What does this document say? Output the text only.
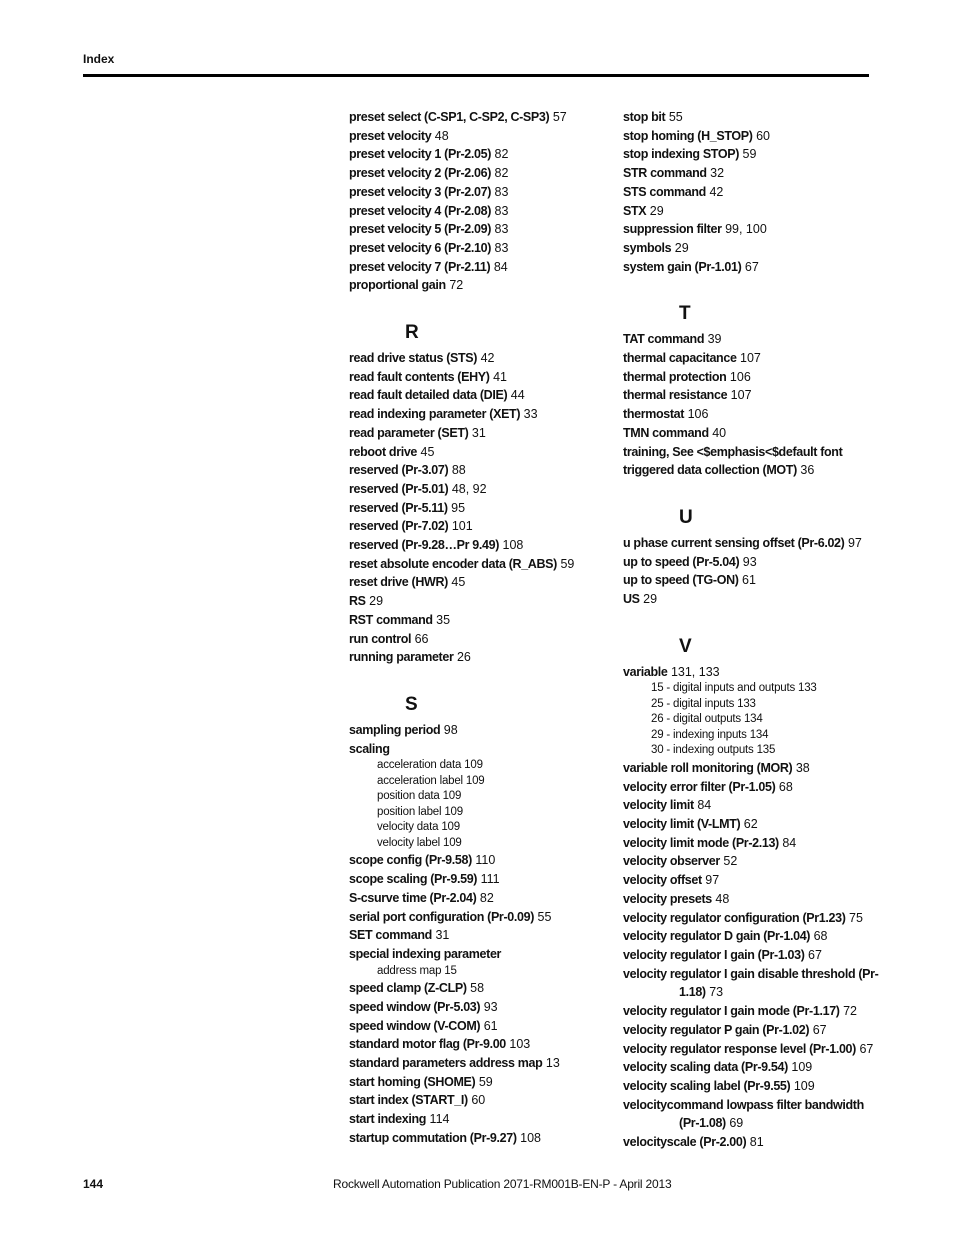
Index
preset select (C-SP1, C-SP2, C-SP3) 57
preset velocity 48
preset velocity 1 (Pr-2.05) 82
preset velocity 2 (Pr-2.06) 82
preset velocity 3 (Pr-2.07) 83
preset velocity 4 (Pr-2.08) 83
preset velocity 5 (Pr-2.09) 83
preset velocity 6 (Pr-2.10) 83
preset velocity 7 (Pr-2.11) 84
proportional gain 72
R
read drive status (STS) 42
read fault contents (EHY) 41
read fault detailed data (DIE) 44
read indexing parameter (XET) 33
read parameter (SET) 31
reboot drive 45
reserved (Pr-3.07) 88
reserved (Pr-5.01) 48, 92
reserved (Pr-5.11) 95
reserved (Pr-7.02) 101
reserved (Pr-9.28…Pr 9.49) 108
reset absolute encoder data (R_ABS) 59
reset drive (HWR) 45
RS 29
RST command 35
run control 66
running parameter 26
S
sampling period 98
scaling
acceleration data 109
acceleration label 109
position data 109
position label 109
velocity data 109
velocity label 109
scope config (Pr-9.58) 110
scope scaling (Pr-9.59) 111
S-csurve time (Pr-2.04) 82
serial port configuration (Pr-0.09) 55
SET command 31
special indexing parameter
address map 15
speed clamp (Z-CLP) 58
speed window (Pr-5.03) 93
speed window (V-COM) 61
standard motor flag (Pr-9.00 103
standard parameters address map 13
start homing (SHOME) 59
start index (START_I) 60
start indexing 114
startup commutation (Pr-9.27) 108
stop bit 55
stop homing (H_STOP) 60
stop indexing STOP) 59
STR command 32
STS command 42
STX 29
suppression filter 99, 100
symbols 29
system gain (Pr-1.01) 67
T
TAT command 39
thermal capacitance 107
thermal protection 106
thermal resistance 107
thermostat 106
TMN command 40
training, See <$emphasis<$default font
triggered data collection (MOT) 36
U
u phase current sensing offset (Pr-6.02) 97
up to speed (Pr-5.04) 93
up to speed (TG-ON) 61
US 29
V
variable 131, 133
15 - digital inputs and outputs 133
25 - digital inputs 133
26 - digital outputs 134
29 - indexing inputs 134
30 - indexing outputs 135
variable roll monitoring (MOR) 38
velocity error filter (Pr-1.05) 68
velocity limit 84
velocity limit (V-LMT) 62
velocity limit mode (Pr-2.13) 84
velocity observer 52
velocity offset 97
velocity presets 48
velocity regulator configuration (Pr1.23) 75
velocity regulator D gain (Pr-1.04) 68
velocity regulator I gain (Pr-1.03) 67
velocity regulator I gain disable threshold (Pr-
1.18) 73
velocity regulator I gain mode (Pr-1.17) 72
velocity regulator P gain (Pr-1.02) 67
velocity regulator response level (Pr-1.00) 67
velocity scaling data (Pr-9.54) 109
velocity scaling label (Pr-9.55) 109
velocitycommand lowpass filter bandwidth
(Pr-1.08) 69
velocityscale (Pr-2.00) 81
144	Rockwell Automation Publication 2071-RM001B-EN-P - April 2013
